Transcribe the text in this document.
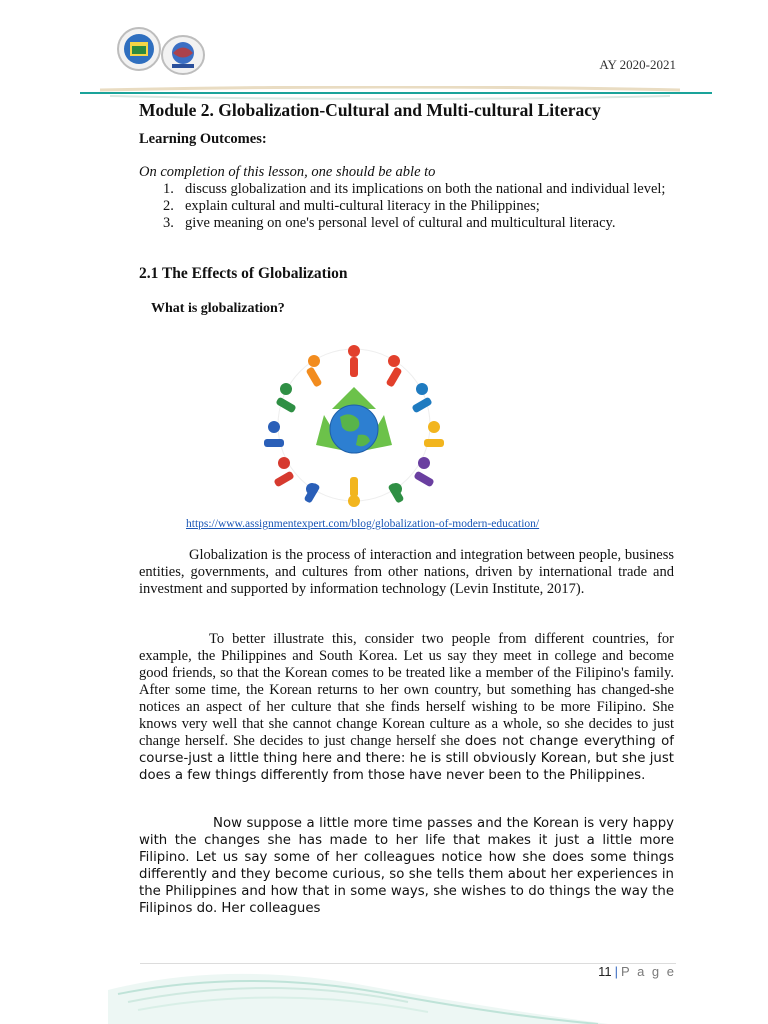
AY 2020-2021
Module 2. Globalization-Cultural and Multi-cultural Literacy
Learning Outcomes:
On completion of this lesson, one should be able to
1. discuss globalization and its implications on both the national and individual level;
2. explain cultural and multi-cultural literacy in the Philippines;
3. give meaning on one's personal level of cultural and multicultural literacy.
2.1 The Effects of Globalization
What is globalization?
https://www.assignmentexpert.com/blog/globalization-of-modern-education/

Globalization is the process of interaction and integration between people, business entities, governments, and cultures from other nations, driven by international trade and investment and supported by information technology (Levin Institute, 2017).

To better illustrate this, consider two people from different countries, for example, the Philippines and South Korea. Let us say they meet in college and become good friends, so that the Korean comes to be treated like a member of the Filipino's family. After some time, the Korean returns to her own country, but something has changed-she notices an aspect of her culture that she finds herself wishing to be more Filipino. She knows very well that she cannot change Korean culture as a whole, so she decides to just change herself. She decides to just change herself she does not change everything of course-just a little thing here and there: he is still obviously Korean, but she just does a few things differently from those have never been to the Philippines.

Now suppose a little more time passes and the Korean is very happy with the changes she has made to her life that makes it just a little more Filipino. Let us say some of her colleagues notice how she does some things differently and they become curious, so she tells them about her experiences in the Philippines and how that in some ways, she wishes to do things the way the Filipinos do. Her colleagues

11 | P a g e
